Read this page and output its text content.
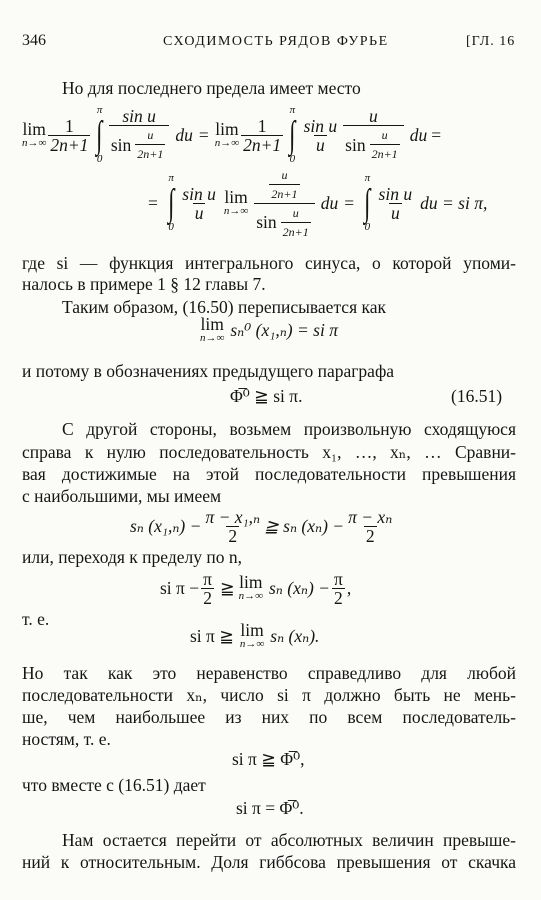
346	СХОДИМОСТЬ РЯДОВ ФУРЬЕ	[ГЛ. 16
Но для последнего предела имеет место
lim
$n\to\infty \frac{1}{2n+1}$
π
∫
$0 \frac{\text{sin u}}{\sin \frac{u}{2n+1}}$ du = lim
$n\to\infty \frac{1}{2n+1}$
π
∫
0
$\frac{\text{sin u}}{u} \frac{u}{\sin \frac{u}{2n+1}}$ du =
=
π
∫
0
$\frac{\text{sin u}}{u}$ lim
$n\to\infty \frac{\frac{u}{2n+1}}{\sin \frac{u}{2n+1}}$ du =
π
∫
0
$\frac{\text{sin u}}{u}$ du = si π,
где si — функция интегрального синуса, о которой упоми-
налось в примере 1 § 12 главы 7.
Таким образом, (16.50) переписывается как
lim
n→∞ sₙ⁰ (x₁,ₙ) = si π
и потому в обозначениях предыдущего параграфа
Φ̅⁰ ≧ si π.	(16.51)
С другой стороны, возьмем произвольную сходящуюся
справа к нулю последовательность x₁, …, xₙ, … Сравни-
вая достижимые на этой последовательности превышения
с наибольшими, мы имеем
sₙ $(x_1,_n) - \frac{\text{π − x₁,ₙ}}{2}$ ≧ sₙ $(x_n) - \frac{\text{π − xₙ}}{2}$
или, переходя к пределу по n,
si $\pi - \frac{\pi}{2}$ ≧ lim
n→∞ sₙ $(x_n) - \frac{\pi}{2}$ ,
т. е.
si π ≧ lim
n→∞ sₙ (xₙ).
Но так как это неравенство справедливо для любой
последовательности xₙ, число si π должно быть не мень-
ше, чем наибольшее из них по всем последователь-
ностям, т. е.
si π ≧ Φ̅⁰,
что вместе с (16.51) дает
si π = Φ̅⁰.
Нам остается перейти от абсолютных величин превыше-
ний к относительным. Доля гиббсова превышения от скачка
